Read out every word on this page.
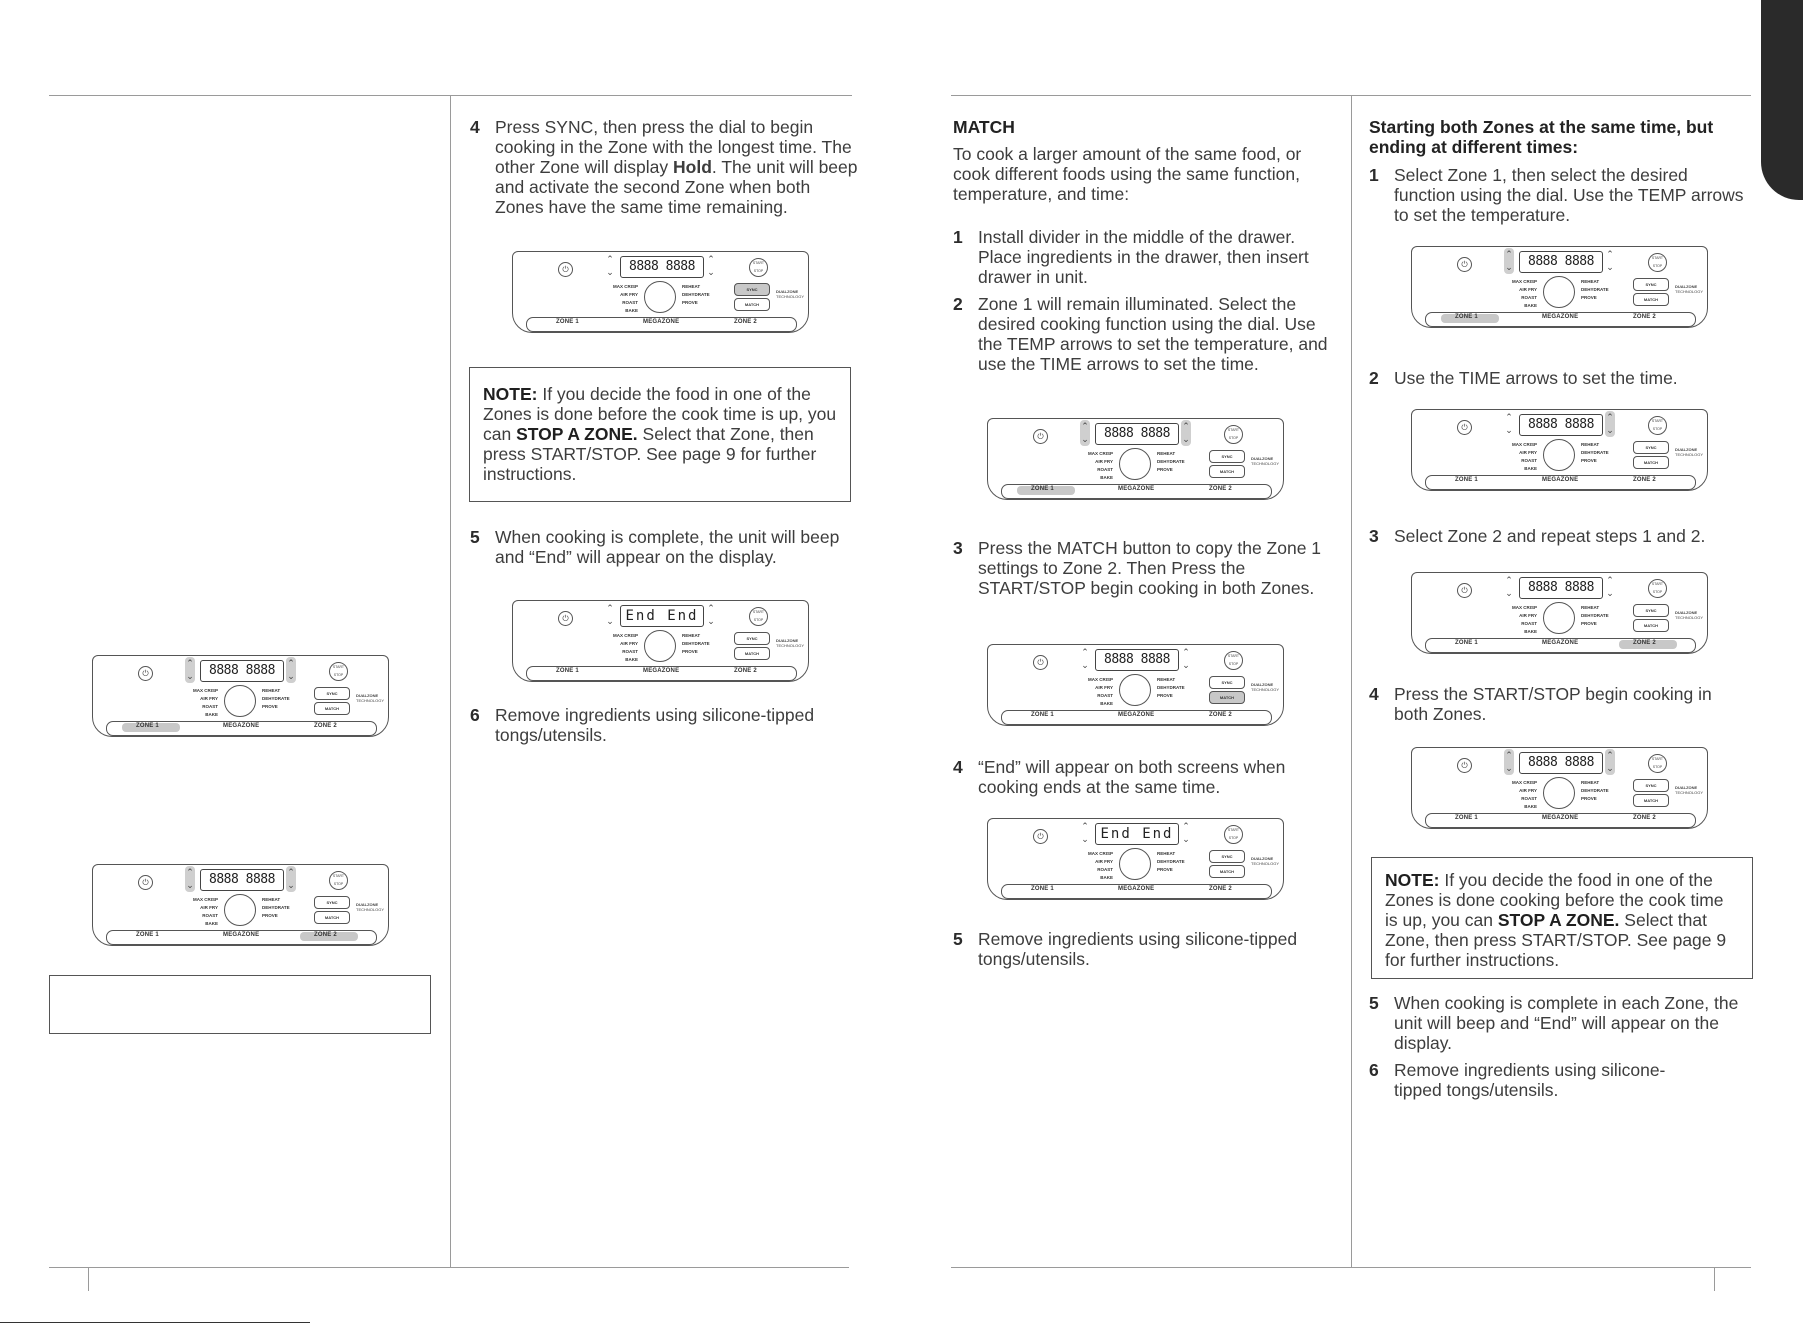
⏻
⌃
⌄	8888 8888	⌃
⌄
START STOP
MAX CRISP
AIR FRY
ROAST
BAKE
REHEAT
DEHYDRATE
PROVE
SYNC
MATCH
DUALZONE
TECHNOLOGY
ZONE 1	MEGAZONE	ZONE 2
⏻
⌃
⌄	8888 8888	⌃
⌄
START STOP
MAX CRISP
AIR FRY
ROAST
BAKE
REHEAT
DEHYDRATE
PROVE
SYNC
MATCH
DUALZONE
TECHNOLOGY
ZONE 1	MEGAZONE	ZONE 2
4 Press SYNC, then press the dial to begin cooking in the Zone with the longest time. The other Zone will display Hold. The unit will beep and activate the second Zone when both Zones have the same time remaining.
⏻
⌃
⌄	8888 8888	⌃
⌄
START STOP
MAX CRISP
AIR FRY
ROAST
BAKE
REHEAT
DEHYDRATE
PROVE
SYNC
MATCH
DUALZONE
TECHNOLOGY
ZONE 1	MEGAZONE	ZONE 2
NOTE: If you decide the food in one of the Zones is done before the cook time is up, you can STOP A ZONE. Select that Zone, then press START/STOP. See page 9 for further instructions.
5 When cooking is complete, the unit will beep and “End” will appear on the display.
⏻
⌃
⌄ End End ⌃
⌄
START STOP
MAX CRISP
AIR FRY
ROAST
BAKE
REHEAT
DEHYDRATE
PROVE
SYNC
MATCH
DUALZONE
TECHNOLOGY
ZONE 1	MEGAZONE	ZONE 2
6 Remove ingredients using silicone-tipped tongs/utensils.
MATCH
To cook a larger amount of the same food, or cook different foods using the same function, temperature, and time:
1 Install divider in the middle of the drawer. Place ingredients in the drawer, then insert drawer in unit.
2 Zone 1 will remain illuminated. Select the desired cooking function using the dial. Use the TEMP arrows to set the temperature, and use the TIME arrows to set the time.
⏻
⌃
⌄	8888 8888	⌃
⌄
START STOP
MAX CRISP
AIR FRY
ROAST
BAKE
REHEAT
DEHYDRATE
PROVE
SYNC
MATCH
DUALZONE
TECHNOLOGY
ZONE 1	MEGAZONE	ZONE 2
3 Press the MATCH button to copy the Zone 1 settings to Zone 2. Then Press the START/STOP begin cooking in both Zones.
⏻
⌃
⌄	8888 8888	⌃
⌄
START STOP
MAX CRISP
AIR FRY
ROAST
BAKE
REHEAT
DEHYDRATE
PROVE
SYNC
MATCH
DUALZONE
TECHNOLOGY
ZONE 1	MEGAZONE	ZONE 2
4 “End” will appear on both screens when cooking ends at the same time.
⏻
⌃
⌄ End End ⌃
⌄
START STOP
MAX CRISP
AIR FRY
ROAST
BAKE
REHEAT
DEHYDRATE
PROVE
SYNC
MATCH
DUALZONE
TECHNOLOGY
ZONE 1	MEGAZONE	ZONE 2
5 Remove ingredients using silicone-tipped tongs/utensils.
Starting both Zones at the same time, but ending at different times:
1 Select Zone 1, then select the desired function using the dial. Use the TEMP arrows to set the temperature.
⏻
⌃
⌄	8888 8888	⌃
⌄
START STOP
MAX CRISP
AIR FRY
ROAST
BAKE
REHEAT
DEHYDRATE
PROVE
SYNC
MATCH
DUALZONE
TECHNOLOGY
ZONE 1	MEGAZONE	ZONE 2
2 Use the TIME arrows to set the time.
⏻
⌃
⌄	8888 8888	⌃
⌄
START STOP
MAX CRISP
AIR FRY
ROAST
BAKE
REHEAT
DEHYDRATE
PROVE
SYNC
MATCH
DUALZONE
TECHNOLOGY
ZONE 1	MEGAZONE	ZONE 2
3 Select Zone 2 and repeat steps 1 and 2.
⏻
⌃
⌄	8888 8888	⌃
⌄
START STOP
MAX CRISP
AIR FRY
ROAST
BAKE
REHEAT
DEHYDRATE
PROVE
SYNC
MATCH
DUALZONE
TECHNOLOGY
ZONE 1	MEGAZONE	ZONE 2
4 Press the START/STOP begin cooking in both Zones.
⏻
⌃
⌄	8888 8888	⌃
⌄
START STOP
MAX CRISP
AIR FRY
ROAST
BAKE
REHEAT
DEHYDRATE
PROVE
SYNC
MATCH
DUALZONE
TECHNOLOGY
ZONE 1	MEGAZONE	ZONE 2
NOTE: If you decide the food in one of the Zones is done cooking before the cook time is up, you can STOP A ZONE. Select that Zone, then press START/STOP. See page 9 for further instructions.
5 When cooking is complete in each Zone, the unit will beep and “End” will appear on the display.
6 Remove ingredients using silicone-tipped tongs/utensils.
